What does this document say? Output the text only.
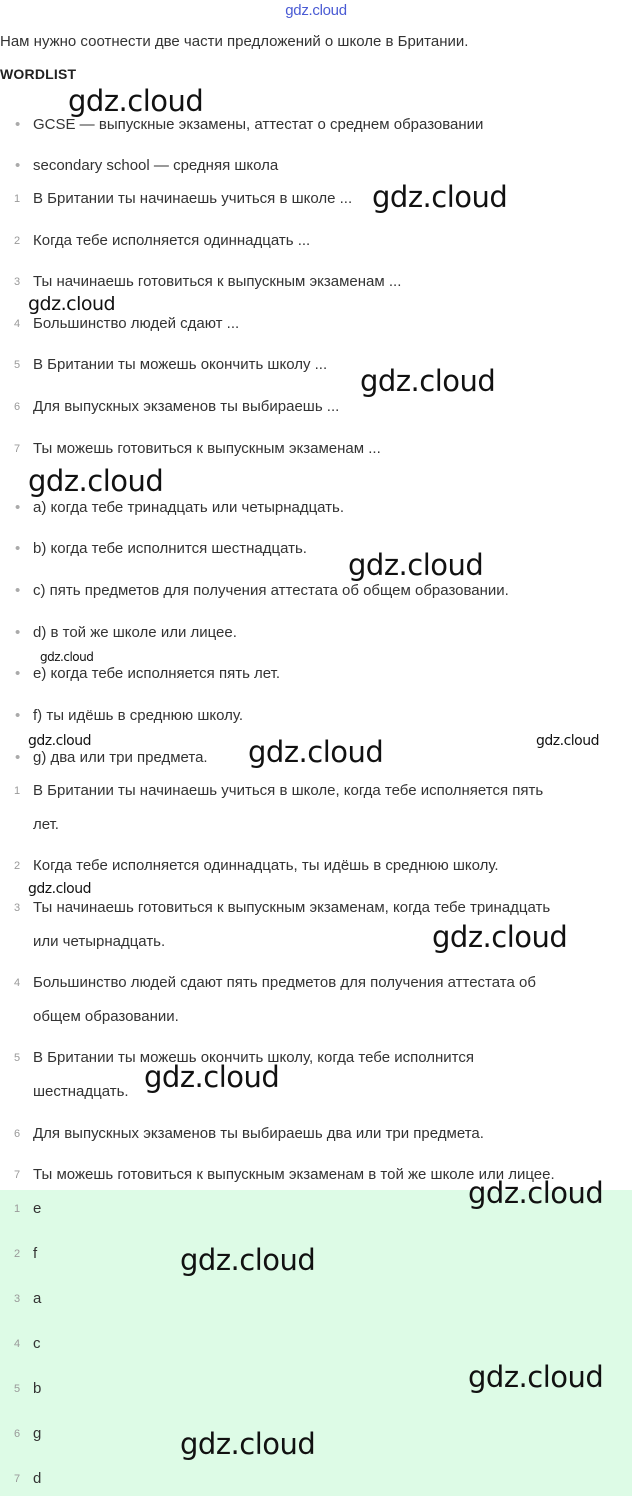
gdz.cloud
Нам нужно соотнести две части предложений о школе в Британии.
WORDLIST
• GCSE — выпускные экзамены, аттестат о среднем образовании
• secondary school — средняя школа
1 В Британии ты начинаешь учиться в школе ...
2 Когда тебе исполняется одиннадцать ...
3 Ты начинаешь готовиться к выпускным экзаменам ...
4 Большинство людей сдают ...
5 В Британии ты можешь окончить школу ...
6 Для выпускных экзаменов ты выбираешь ...
7 Ты можешь готовиться к выпускным экзаменам ...
• a) когда тебе тринадцать или четырнадцать.
• b) когда тебе исполнится шестнадцать.
• c) пять предметов для получения аттестата об общем образовании.
• d) в той же школе или лицее.
• e) когда тебе исполняется пять лет.
• f) ты идёшь в среднюю школу.
• g) два или три предмета.
1 В Британии ты начинаешь учиться в школе, когда тебе исполняется пять
лет.
2 Когда тебе исполняется одиннадцать, ты идёшь в среднюю школу.
3 Ты начинаешь готовиться к выпускным экзаменам, когда тебе тринадцать
или четырнадцать.
4 Большинство людей сдают пять предметов для получения аттестата об
общем образовании.
5 В Британии ты можешь окончить школу, когда тебе исполнится
шестнадцать.
6 Для выпускных экзаменов ты выбираешь два или три предмета.
7 Ты можешь готовиться к выпускным экзаменам в той же школе или лицее.
1 e
2 f
3 a
4 c
5 b
6 g
7 d
gdz.cloud
gdz.cloud
gdz.cloud
gdz.cloud
gdz.cloud
gdz.cloud
gdz.cloud
gdz.cloud	gdz.cloud	gdz.cloud
gdz.cloud
gdz.cloud
gdz.cloud
gdz.cloud
gdz.cloud
gdz.cloud
gdz.cloud
